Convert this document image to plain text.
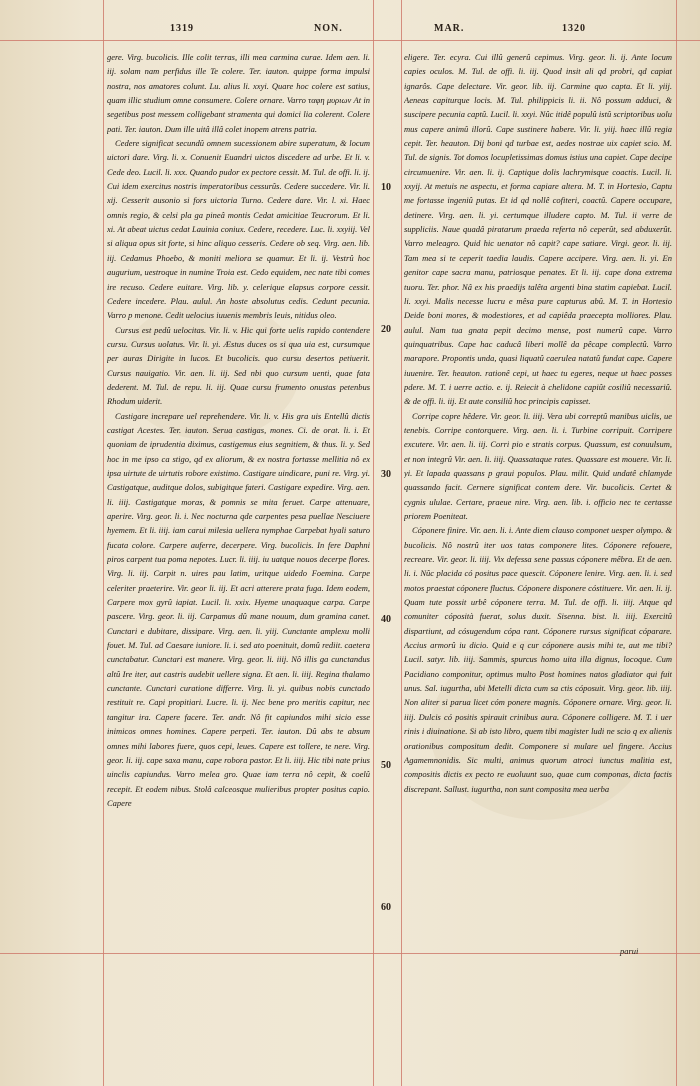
1319	NON.	MAR.	1320

gere. Virg. bucolicis. Ille colit terras, illi mea carmina curae. Idem aen. li. iij. solam nam perfidus ille Te colere. Ter. iauton. quippe forma impulsi nostra, nos amatores colunt. Lu. alius li. xxyi. Quare hoc colere est satius, quam illic studium omne consumere. Colere ornare. Varro ταφη μυριων At in segetibus post messem colligebant stramenta qui domici lia colerent. Colere pati. Ter. iauton. Dum ille uitâ illâ colet inopem atrens patria.

Cedere significat secundû omnem sucessionem abire superatum, & locum uictori dare. Virg. li. x. Conuenit Euandri uictos discedere ad urbe. Et li. v. Cede deo. Lucil. li. xxx. Quando pudor ex pectore cessit. M. Tul. de offi. li. ij. Cui idem exercitus nostris imperatoribus cessurûs. Cedere succedere. Vir. li. xij. Cesserit ausonio si fors uictoria Turno. Cedere dare. Vir. l. xi. Haec omnis regio, & celsi pla ga pineâ montis Cedat amicitiae Teucrorum. Et li. xi. At abeat uictus cedat Lauinia coniux. Cedere, recedere. Luc. li. xxyiij. Vel si aliqua opus sit forte, si hinc aliquo cesseris. Cedere ob seq. Virg. aen. lib. iij. Cedamus Phoebo, & moniti meliora se quamur. Et li. ij. Vestrû hoc augurium, uestroque in numine Troia est. Cedo equidem, nec nate tibi comes ire recuso. Cedere euitare. Virg. lib. y. celerique elapsus corpore cessit. Cedere incedere. Plau. aulul. An hoste absolutus cedis. Cedunt pecunia. Varro p menone. Cedit uelocius iuuenis membris leuis, nitidus oleo.

Cursus est pedû uelocitas. Vir. li. v. Hic qui forte uelis rapido contendere cursu. Cursus uolatus. Vir. li. yi. Æstus duces os si qua uia est, cursumque per auras Dirigite in lucos. Et bucolicis. quo cursu desertos petiuerit. Cursus nauigatio. Vir. aen. li. iij. Sed nbi quo cursum uenti, quae fata dederent. M. Tul. de repu. li. iij. Quae cursu frumento onustas petenbus Rhodum uiderit.

Castigare increpare uel reprehendere. Vir. li. v. His gra uis Entellû dictis castigat Acestes. Ter. iauton. Serua castigas, mones. Ci. de orat. li. i. Et quoniam de iprudentia diximus, castigemus eius segnitiem, & thus. li. y. Sed hoc in me ipso ca stigo, qd ex aliorum, & ex nostra fortasse mellitia nô ex ipsa uirtute de uirtutis robore existimo. Castigare uindicare, puni re. Virg. yi. Castigatque, auditque dolos, subigitque fateri. Castigare expedire. Virg. aen. li. iiij. Castigatque moras, & pomnis se mita feruet. Carpe attenuare, aperire. Virg. geor. li. i. Nec nocturna qde carpentes pesa puellae Nesciuere hyemem. Et li. iiij. iam carui milesia uellera nymphae Carpebat hyali saturo fucata colore. Carpere auferre, decerpere. Virg. bucolicis. In fere Daphni piros carpent tua poma nepotes. Lucr. li. iiij. iu uatque nouos decerpe flores. Virg. li. iij. Carpit n. uires pau latim, uritque uidedo Foemina. Carpe celeriter praeterire. Vir. geor li. iij. Et acri atterere prata fuga. Idem eodem, Carpere mox gyrû iapiat. Lucil. li. xxix. Hyeme unaquaque carpa. Carpe pascere. Virg. geor. li. iij. Carpamus dû mane nouum, dum gramina canet. Cunctari e dubitare, dissipare. Virg. aen. li. yiij. Cunctante amplexu molli fouet. M. Tul. ad Caesare iuniore. li. i. sed ato poenituit, domû rediit. caetera cunctabatur. Cunctari est manere. Virg. geor. li. iiij. Nô illis ga cunctandus altû Ire iter, aut castris audebit uellere signa. Et aen. li. iiij. Regina thalamo cunctante. Cunctari curatione differre. Virg. li. yi. quibus nobis cunctado restituit re. Capi propitiari. Lucre. li. ij. Nec bene pro meritis capitur, nec tangitur ira. Capere facere. Ter. andr. Nô fit capiundos mihi sicio esse inimicos omnes homines. Capere perpeti. Ter. iauton. Dû abs te absum omnes mihi labores fuere, quos cepi, leues. Capere est tollere, te nere. Virg. geor. li. iij. cape saxa manu, cape robora pastor. Et li. iiij. Hic tibi nate prius uinclis capiundus. Varro melea gro. Quae iam terra nô cepit, & coelû recepit. Et eodem nibus. Stolâ calceosque mulieribus propter positus capio. Capere

10
20
30
40
50
60

eligere. Ter. ecyra. Cui illû generû cepimus. Virg. geor. li. ij. Ante locum capies oculos. M. Tul. de offi. li. iij. Quod insit ali qd probri, qd capiat ignarôs. Cape delectare. Vir. geor. lib. iij. Carmine quo capta. Et li. yiij. Aeneas capiturque locis. M. Tul. philippicis li. ii. Nô possum adduci, & suscipere pecunia captû. Lucil. li. xxyi. Nûc itidê populû istû scriptoribus uolu mus capere animû illorû. Cape sustinere habere. Vir. li. yiij. haec illû regia cepit. Ter. heauton. Dij boni qd turbae est, aedes nostrae uix capiet scio. M. Tul. de signis. Tot domos locupletissimas domus istius una capiet. Cape decipe circumuenire. Vir. aen. li. ij. Captique dolis lachrymisque coactis. Lucil. li. xxyij. At metuis ne aspectu, et forma capiare altera. M. T. in Hortesio, Captu me fortasse ingeniû putas. Et id qd nollê cofiteri, coactû. Capere occupare, detinere. Virg. aen. li. yi. certumque illudere capto. M. Tul. ii verre de suppliciis. Naue quadâ piratarum praeda referta nô ceperût, sed abduxerût. Varro meleagro. Quid hic uenator nô capit? cape satiare. Virgi. geor. li. iij. Tam mea si te ceperit taedia laudis. Capere accipere. Virg. aen. li. yi. En genitor cape sacra manu, patriosque penates. Et li. iij. cape dona extrema tuoru. Ter. phor. Nâ ex his praedijs talêta argenti bina statim capiebat. Lucil. li. xxyi. Malis necesse lucru e mêsa pure capturus abû. M. T. in Hortesio Deide boni mores, & modestiores, et ad capiêda praecepta molliores. Plau. aulul. Nam tua gnata pepit decimo mense, post numerû cape. Varro quinquatribus. Cape hac caducâ liberi mollê da pêcape complectû. Varro marapore. Propontis unda, quasi liquatû caerulea natatû fundat cape. Capere iuuenire. Ter. heauton. rationê cepi, ut haec tu egeres, neque ut haec posses pdere. M. T. i uerre actio. e. ij. Reiecit à chelidone capiût cosiliû necessariû. & de offi. li. iij. Et aute consiliû hoc principis capisset.

Corripe copre hêdere. Vir. geor. li. iiij. Vera ubi correptû manibus uiclis, ue tenebis. Corripe contorquere. Virg. aen. li. i. Turbine corripuit. Corripere excutere. Vir. aen. li. iij. Corri pio e stratis corpus. Quassum, est conuulsum, et non integrû Vir. aen. li. iiij. Quassataque rates. Quassare est mouere. Vir. li. yi. Et lapada quassans p graui populos. Plau. milit. Quid undatê chlamyde quassando facit. Cernere significat contem dere. Vir. bucolicis. Certet & cygnis ululae. Certare, praeue nire. Virg. aen. lib. i. officio nec te certasse priorem Poeniteat.

Cóponere finire. Vir. aen. li. i. Ante diem clauso componet uesper olympo. & bucolicis. Nô nostrû iter uos tatas componere lites. Cóponere refouere, recreare. Vir. geor. li. iiij. Vix defessa sene passus cóponere mêbra. Et de aen. li. i. Nûc placida có positus pace quescit. Cóponere lenire. Virg. aen. li. i. sed motos praestat cóponere fluctus. Cóponere disponere cóstituere. Vir. aen. li. ij. Quam tute possit urbê cóponere terra. M. Tul. de offi. li. iiij. Atque qd comuniter cóposità fuerat, solus duxit. Sisenna. bist. li. iiij. Exercitû dispartiunt, ad cósugendum cópa rant. Cóponere rursus significat cóparare. Accius armorû iu dicio. Quid e q cur cóponere ausis mihi te, aut me tibi? Lucil. satyr. lib. iiij. Sammis, spurcus homo uita illa dignus, locoque. Cum Pacidiano componitur, optimus multo Post homines natos gladiator qui fuit unus. Sal. iugurtha, ubi Metelli dicta cum sa ctis cóposuit. Virg. geor. lib. iiij. Non aliter si parua licet cóm ponere magnis. Cóponere ornare. Virg. geor. li. iiij. Dulcis có positis spirauit crinibus aura. Cóponere colligere. M. T. i uer rinis i diuinatione. Si ab isto libro, quem tibi magister ludi ne scio q ex alienis orationibus compositum dedit. Componere si mulare uel fingere. Accius Agamemnonidis. Sic multi, animus quorum atroci iunctus malitia est, compositis dictis ex pecto re euoluunt suo, quae cum componas, dicta factis discrepant. Sallust. iugurtha, non sunt composita mea uerba

parui
